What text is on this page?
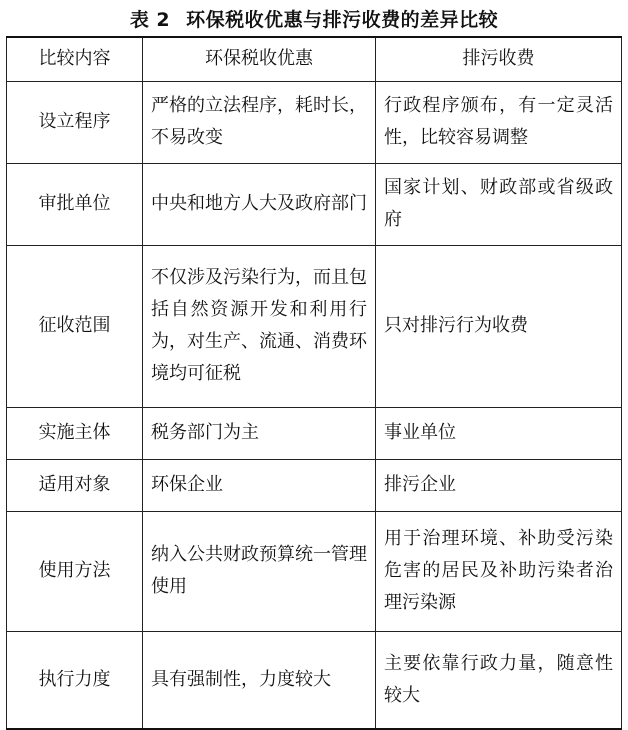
表 2 环保税收优惠与排污收费的差异比较
比较内容	环保税收优惠	排污收费
设立程序	严格的立法程序，耗时长，不易改变	行政程序颁布，有一定灵活性，比较容易调整
审批单位	中央和地方人大及政府部门	国家计划、财政部或省级政府
征收范围	不仅涉及污染行为，而且包括自然资源开发和利用行为，对生产、流通、消费环境均可征税	只对排污行为收费
实施主体	税务部门为主	事业单位
适用对象	环保企业	排污企业
使用方法	纳入公共财政预算统一管理使用	用于治理环境、补助受污染危害的居民及补助污染者治理污染源
执行力度	具有强制性，力度较大	主要依靠行政力量，随意性较大
